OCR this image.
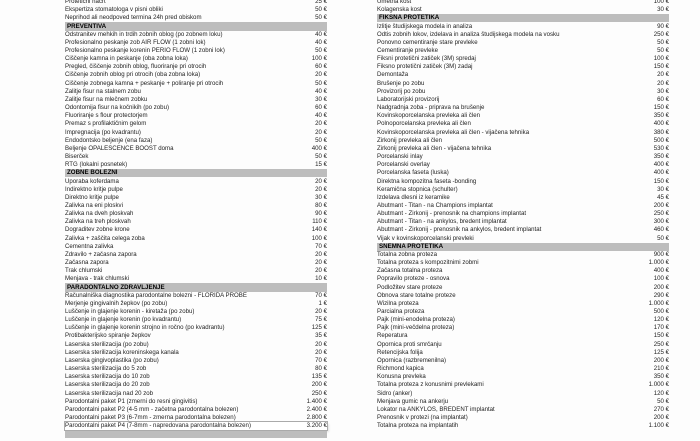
Protetični načrt	25 €
Ekspertiza stomatologa v pisni obliki	50 €
Neprihod ali neodpoved termina 24h pred obiskom	50 €
PREVENTIVA
Odstranitev mehkih in trdih zobnih oblog (po zobnem loku)	40 €
Profesionalno peskanje zob AIR FLOW (1 zobni lok)	40 €
Profesionalno peskanje korenin PERIO FLOW (1 zobni lok)	50 €
Čiščenje kamna in peskanje (oba zobna loka)	100 €
Pregled, čiščenje zobnih oblog, fluoriranje pri otrocih	60 €
Čiščenje zobnih oblog pri otrocih (oba zobna loka)	20 €
Čiščenje zobnega kamna + peskanje + poliranje pri otrocih	50 €
Zalitje fisur na stalnem zobu	40 €
Zalitje fisur na mlečnem zobku	30 €
Odontomija fisur na kočnikih (po zobu)	60 €
Fluoriranje s flour protectorjem	40 €
Premaz s profilaktičnim gelom	20 €
Impregnacija (po kvadrantu)	20 €
Endodontsko beljenje (ena faza)	50 €
Beljenje OPALESCENCE BOOST doma	400 €
Biserček	50 €
RTG (lokalni posnetek)	15 €
ZOBNE BOLEZNI
Uporaba koferdama	20 €
Indirektno kritje pulpe	20 €
Direktno kritje pulpe	30 €
Zalivka na eni ploskvi	80 €
Zalivka na dveh ploskvah	90 €
Zalivka na treh ploskvah	110 €
Dograditev zobne krone	140 €
Zalivka + zaščita celega zoba	100 €
Cementna zalivka	70 €
Zdravilo + začasna zapora	20 €
Začasna zapora	20 €
Trak chlumski	20 €
Menjava - trak chlumski	10 €
PARADONTALNO ZDRAVLJENJE
Računalniška diagnostika parodontalne bolezni - FLORIDA PROBE	70 €
Merjenje gingivalnih žepkov (po zobu)	1 €
Luščenje in glajenje korenin - kiretaža (po zobu)	20 €
Luščenje in glajenje korenin (po kvadrantu)	75 €
Luščenje in glajenje korenin strojno in ročno (po kvadrantu)	125 €
Protibakterijsko spiranje žepkov	35 €
Laserska sterilizacija (po zobu)	20 €
Laserska sterilizacija koreninskega kanala	20 €
Laserska gingivoplastika (po zobu)	70 €
Laserska sterilizacija do 5 zob	80 €
Laserska sterilizacija do 10 zob	135 €
Laserska sterilizacija do 20 zob	200 €
Laserska sterilizacija nad 20 zob	250 €
Parodontalni paket P1 (zmerni do resni gingivitis)	1.400 €
Parodontalni paket P2 (4-5 mm - začetna parodontalna bolezen)	2.400 €
Parodontalni paket P3 (6-7mm - zmerna parodontalna bolezen)	2.800 €
Parodontalni paket P4 (7-8mm - napredovana parodontalna bolezen)	3.200 €
Umetna kost	100 €
Kolagenska kost	30 €
FIKSNA PROTETIKA
Izlitje študijskega modela in analiza	90 €
Odtis zobnih lokov, izdelava in analiza študijskega modela na vosku	250 €
Ponovno cementiranje stare prevleke	50 €
Cementiranje prevleke	50 €
Fiksni protetični zatiček (3M) spredaj	100 €
Fiksno protetični zatiček (3M) zadaj	150 €
Demontaža	20 €
Brušenje po zobu	20 €
Provizorij po zobu	30 €
Laboratorijski provizorij	60 €
Nadgradnja zoba - priprava na brušenje	150 €
Kovinskoporcelanska prevleka ali člen	350 €
Polnoporcelanska prevleka ali člen	400 €
Kovinskoporcelanska prevleka ali člen - vijačena tehnika	380 €
Zirkonij prevleka ali člen	500 €
Zirkonij prevleka ali člen - vijačena tehnika	530 €
Porcelanski inlay	350 €
Porcelanski overlay	400 €
Porcelanska faseta (luska)	400 €
Direktna kompozitna faseta -bonding	150 €
Keramična stopnica (schulter)	30 €
Izdelava dlesni iz keramike	45 €
Abutmant - Titan - na Champions implantat	200 €
Abutmant - Zirkonij - prenosnik na champions implantat	250 €
Abutmant - Titan - na ankylos, bredent implantat	300 €
Abutmant - Zirkonij - prenosnik na ankylos, bredent implantat	460 €
Vijak v kovinskoporcelanski prevleki	50 €
SNEMNA PROTETIKA
Totalna zobna proteza	900 €
Totalna proteza s kompozitnimi zobmi	1.000 €
Začasna totalna proteza	400 €
Popravilo proteze - osnova	100 €
Podložitev stare proteze	200 €
Obnova stare totalne proteze	290 €
Wizilna proteza	1.000 €
Parcialna proteza	500 €
Pajk (mini-enodelna proteza)	120 €
Pajk (mini-večdelna proteza)	170 €
Reperatura	150 €
Opornica proti smrčanju	250 €
Retencijska folija	125 €
Opornica (razbremenilna)	200 €
Richmond kapica	210 €
Konusna prevleka	350 €
Totalna proteza z konusnimi prevlekami	1.000 €
Sidro (anker)	120 €
Menjava gumic na ankerju	50 €
Lokator na ANKYLOS, BREDENT implantat	270 €
Prenosnik v protezi (na implantat)	200 €
Totalna proteza na implantatih	1.100 €
